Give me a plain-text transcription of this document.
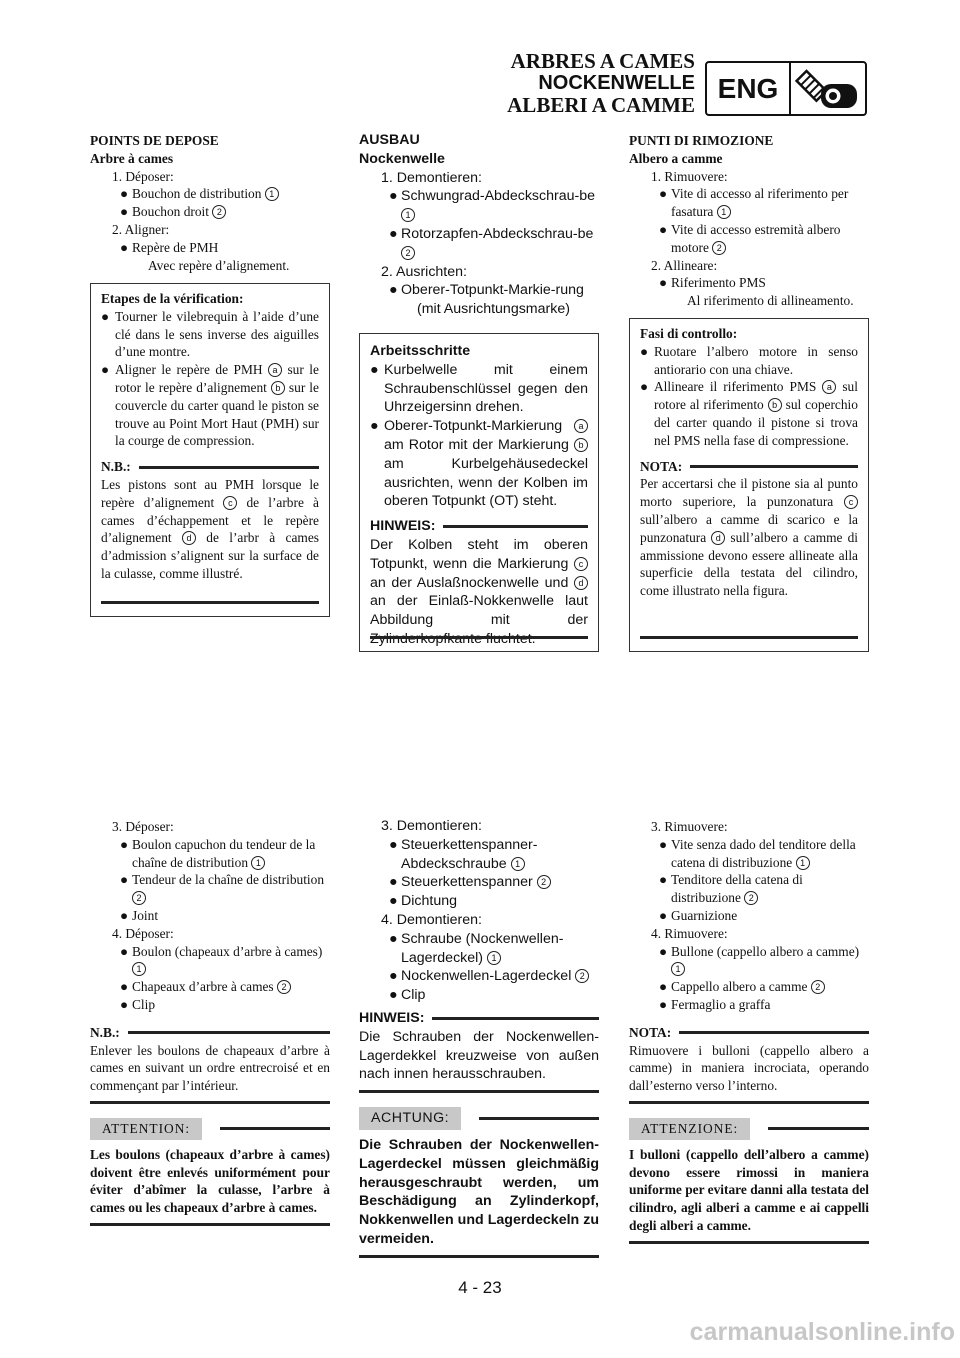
ARBRES A CAMES
NOCKENWELLE
ALBERI A CAMME
ENG
POINTS DE DEPOSE
Arbre à cames
1. Déposer:
● Bouchon de distribution 1
● Bouchon droit 2
2. Aligner:
● Repère de PMH
Avec repère d’alignement.
Etapes de la vérification:
● Tourner le vilebrequin à l’aide d’une clé dans le sens inverse des aiguilles d’une montre.
● Aligner le repère de PMH a sur le rotor le repère d’alignement b sur le couvercle du carter quand le piston se trouve au Point Mort Haut (PMH) sur la courge de compression.
N.B.:
Les pistons sont au PMH lorsque le repère d’alignement c de l’arbre à cames d’échappement et le repère d’alignement d de l’arbr à cames d’admission s’alignent sur la surface de la culasse, comme illustré.
AUSBAU
Nockenwelle
1. Demontieren:
● Schwungrad-Abdeckschrau-be 1
● Rotorzapfen-Abdeckschrau-be 2
2. Ausrichten:
● Oberer-Totpunkt-Markie-rung
(mit Ausrichtungsmarke)
Arbeitsschritte
● Kurbelwelle mit einem Schraubenschlüssel gegen den Uhrzeigersinn drehen.
● Oberer-Totpunkt-Markierung a am Rotor mit der Markierung b am Kurbelgehäusedeckel ausrichten, wenn der Kolben im oberen Totpunkt (OT) steht.
HINWEIS:
Der Kolben steht im oberen Totpunkt, wenn die Markierung c an der Auslaßnockenwelle und d an der Einlaß-Nokkenwelle laut Abbildung mit der
PUNTI DI RIMOZIONE
Albero a camme
1. Rimuovere:
● Vite di accesso al riferimento per fasatura 1
● Vite di accesso estremità albero motore 2
2. Allineare:
● Riferimento PMS
Al riferimento di allineamento.
Fasi di controllo:
● Ruotare l’albero motore in senso antiorario con una chiave.
● Allineare il riferimento PMS a sul rotore al riferimento b sul coperchio del carter quando il pistone si trova nel PMS nella fase di compressione.
NOTA:
Per accertarsi che il pistone sia al punto morto superiore, la punzonatura c sull’albero a camme di scarico e la punzonatura d sull’albero a camme di ammissione devono essere allineate alla superficie della testata del cilindro, come illustrato nella figura.
3. Déposer:
● Boulon capuchon du tendeur de la chaîne de distribution 1
● Tendeur de la chaîne de distribution 2
● Joint
4. Déposer:
● Boulon (chapeaux d’arbre à cames) 1
● Chapeaux d’arbre à cames 2
● Clip
N.B.:
Enlever les boulons de chapeaux d’arbre à cames en suivant un ordre entrecroisé et en commençant par l’intérieur.
ATTENTION:
Les boulons (chapeaux d’arbre à cames) doivent être enlevés uniformément pour éviter d’abîmer la culasse, l’arbre à cames ou les chapeaux d’arbre à cames.
3. Demontieren:
● Steuerkettenspanner-Abdeckschraube 1
● Steuerkettenspanner 2
● Dichtung
4. Demontieren:
● Schraube (Nockenwellen-Lagerdeckel) 1
● Nockenwellen-Lagerdeckel 2
● Clip
HINWEIS:
Die Schrauben der Nockenwellen-Lagerdekkel kreuzweise von außen nach innen herausschrauben.
ACHTUNG:
Die Schrauben der Nockenwellen-Lagerdeckel müssen gleichmäßig herausgeschraubt werden, um Beschädigung an Zylinderkopf, Nokkenwellen und Lagerdeckeln zu vermeiden.
3. Rimuovere:
● Vite senza dado del tenditore della catena di distribuzione 1
● Tenditore della catena di distribuzione 2
● Guarnizione
4. Rimuovere:
● Bullone (cappello albero a camme) 1
● Cappello albero a camme 2
● Fermaglio a graffa
NOTA:
Rimuovere i bulloni (cappello albero a camme) in maniera incrociata, operando dall’esterno verso l’interno.
ATTENZIONE:
I bulloni (cappello dell’albero a camme) devono essere rimossi in maniera uniforme per evitare danni alla testata del cilindro, agli alberi a camme e ai cappelli degli alberi a camme.
4 - 23
carmanualsonline.info
